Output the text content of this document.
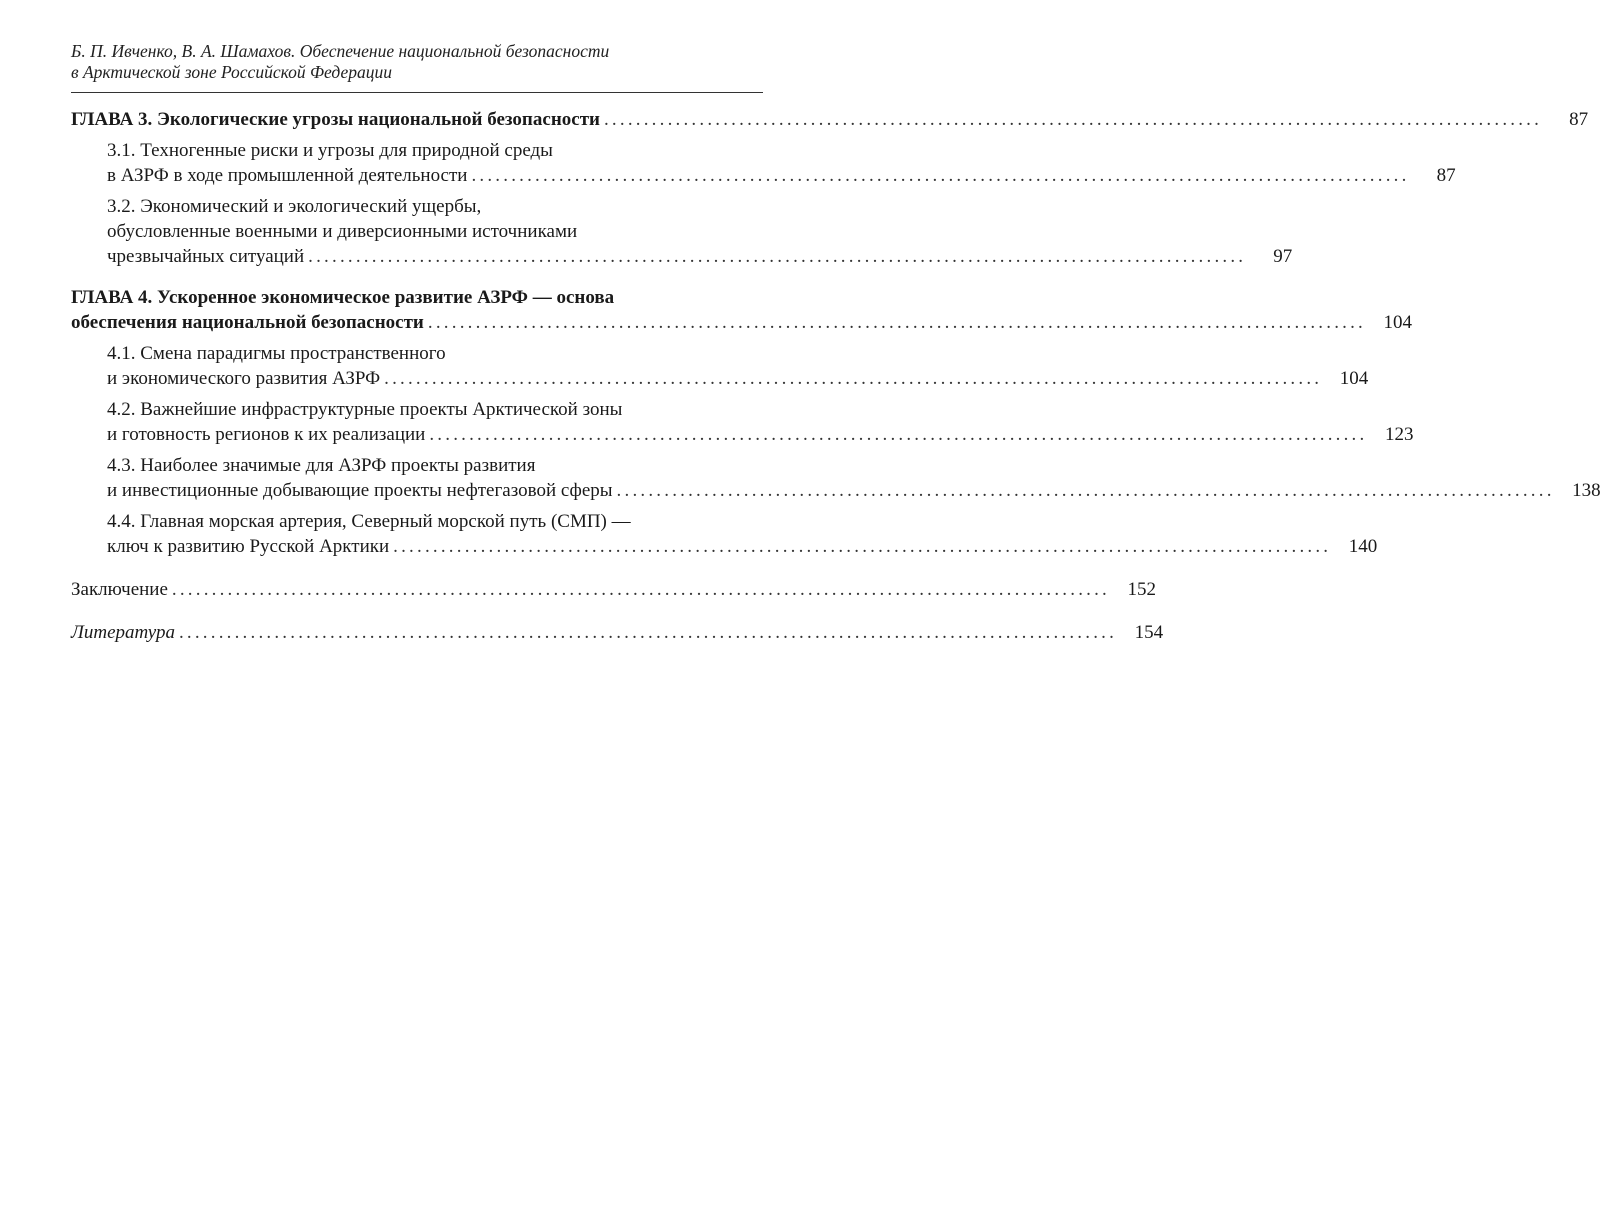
Б. П. Ивченко, В. А. Шамахов. Обеспечение национальной безопасности
в Арктической зоне Российской Федерации
ГЛАВА 3. Экологические угрозы национальной безопасности ......................................................................................................................	87
3.1. Техногенные риски и угрозы для природной среды
в АЗРФ в ходе промышленной деятельности ......................................................................................................................	87
3.2. Экономический и экологический ущербы,
обусловленные военными и диверсионными источниками
чрезвычайных ситуаций ......................................................................................................................	97
ГЛАВА 4. Ускоренное экономическое развитие АЗРФ — основа
обеспечения национальной безопасности ...................................................................................................................... 104
4.1. Смена парадигмы пространственного
и экономического развития АЗРФ ...................................................................................................................... 104
4.2. Важнейшие инфраструктурные проекты Арктической зоны
и готовность регионов к их реализации ...................................................................................................................... 123
4.3. Наиболее значимые для АЗРФ проекты развития
и инвестиционные добывающие проекты нефтегазовой сферы ...................................................................................................................... 138
4.4. Главная морская артерия, Северный морской путь (СМП) —
ключ к развитию Русской Арктики ...................................................................................................................... 140
Заключение ...................................................................................................................... 152
Литература ...................................................................................................................... 154
